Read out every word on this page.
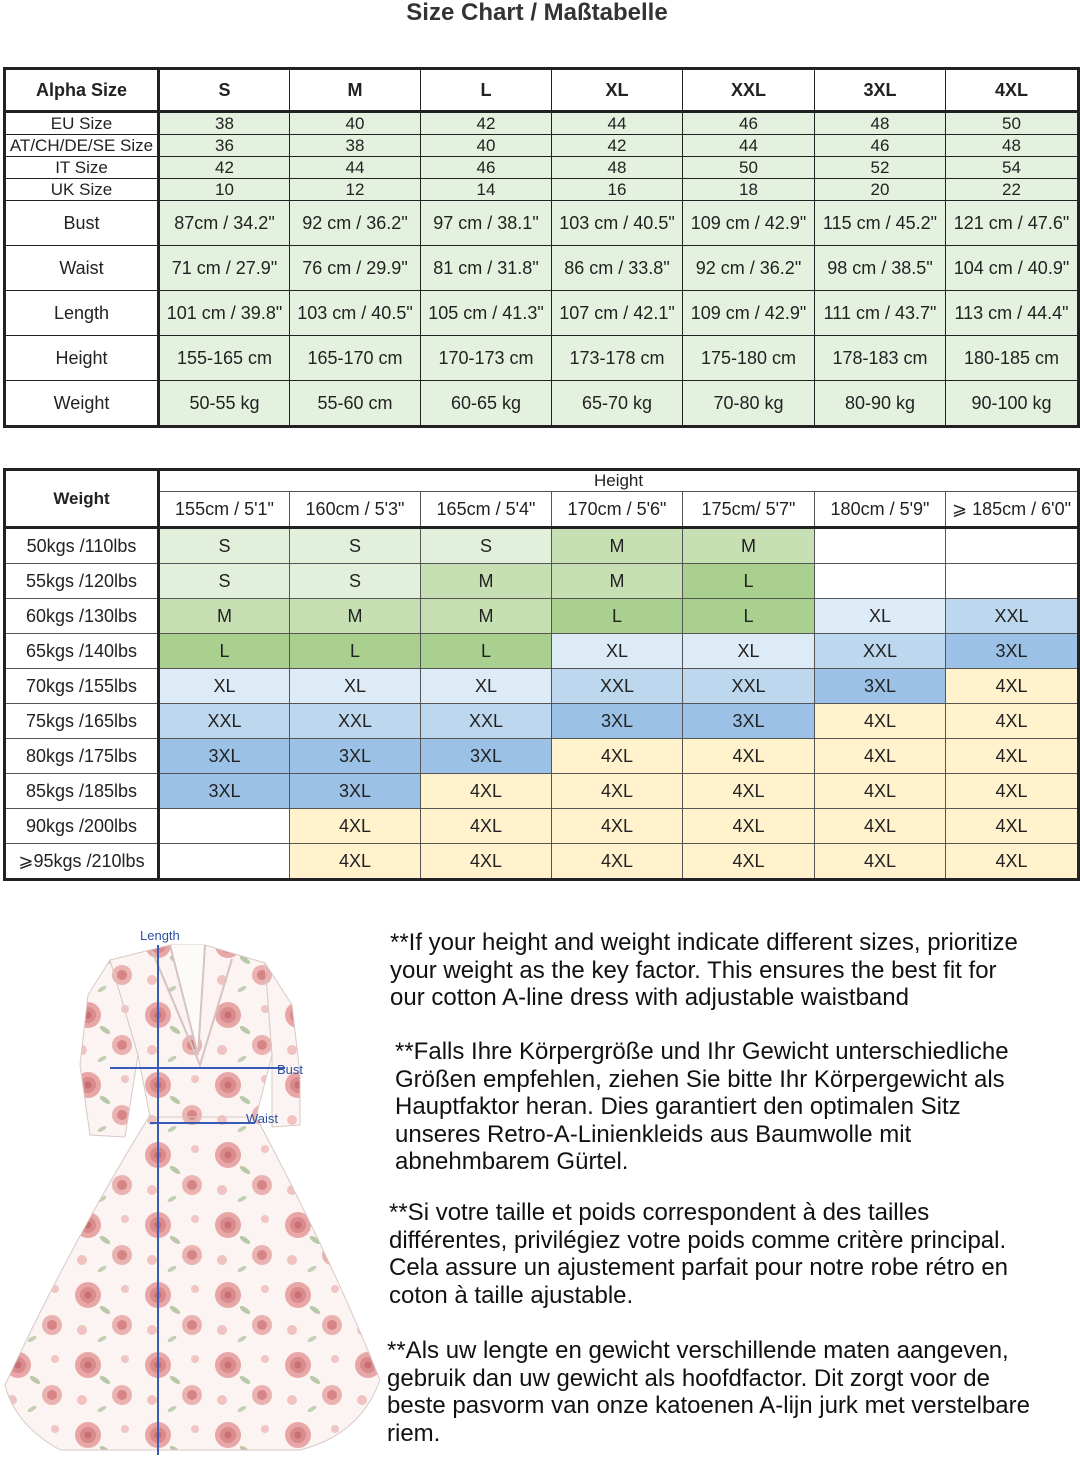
Size Chart / Maßtabelle
Alpha Size	S	M	L	XL	XXL	3XL	4XL
EU Size	38	40	42	44	46	48	50
AT/CH/DE/SE Size	36	38	40	42	44	46	48
IT Size	42	44	46	48	50	52	54
UK Size	10	12	14	16	18	20	22
Bust	87cm / 34.2"	92 cm / 36.2"	97 cm / 38.1"	103 cm / 40.5"	109 cm / 42.9"	115 cm / 45.2"	121 cm / 47.6"
Waist	71 cm / 27.9"	76 cm / 29.9"	81 cm / 31.8"	86 cm / 33.8"	92 cm / 36.2"	98 cm / 38.5"	104 cm / 40.9"
Length	101 cm / 39.8"	103 cm / 40.5"	105 cm / 41.3"	107 cm / 42.1"	109 cm / 42.9"	111 cm / 43.7"	113 cm / 44.4"
Height	155-165 cm	165-170 cm	170-173 cm	173-178 cm	175-180 cm	178-183 cm	180-185 cm
Weight	50-55 kg	55-60 cm	60-65 kg	65-70 kg	70-80 kg	80-90 kg	90-100 kg
Weight	Height						
	155cm / 5'1"	160cm / 5'3"	165cm / 5'4"	170cm / 5'6"	175cm/ 5'7"	180cm / 5'9"	⩾ 185cm / 6'0"
50kgs /110lbs	S	S	S	M	M		
55kgs /120lbs	S	S	M	M	L		
60kgs /130lbs	M	M	M	L	L	XL	XXL
65kgs /140lbs	L	L	L	XL	XL	XXL	3XL
70kgs /155lbs	XL	XL	XL	XXL	XXL	3XL	4XL
75kgs /165lbs	XXL	XXL	XXL	3XL	3XL	4XL	4XL
80kgs /175lbs	3XL	3XL	3XL	4XL	4XL	4XL	4XL
85kgs /185lbs	3XL	3XL	4XL	4XL	4XL	4XL	4XL
90kgs /200lbs		4XL	4XL	4XL	4XL	4XL	4XL
⩾95kgs /210lbs		4XL	4XL	4XL	4XL	4XL	4XL
Length
Bust
Waist
**If your height and weight indicate different sizes, prioritize
your weight as the key factor. This ensures the best fit for
our cotton A-line dress with adjustable waistband
**Falls Ihre Körpergröße und Ihr Gewicht unterschiedliche
Größen empfehlen, ziehen Sie bitte Ihr Körpergewicht als
Hauptfaktor heran. Dies garantiert den optimalen Sitz
unseres Retro-A-Linienkleids aus Baumwolle mit
abnehmbarem Gürtel.
**Si votre taille et poids correspondent à des tailles
différentes, privilégiez votre poids comme critère principal.
Cela assure un ajustement parfait pour notre robe rétro en
coton à taille ajustable.
**Als uw lengte en gewicht verschillende maten aangeven,
gebruik dan uw gewicht als hoofdfactor. Dit zorgt voor de
beste pasvorm van onze katoenen A-lijn jurk met verstelbare
riem.
